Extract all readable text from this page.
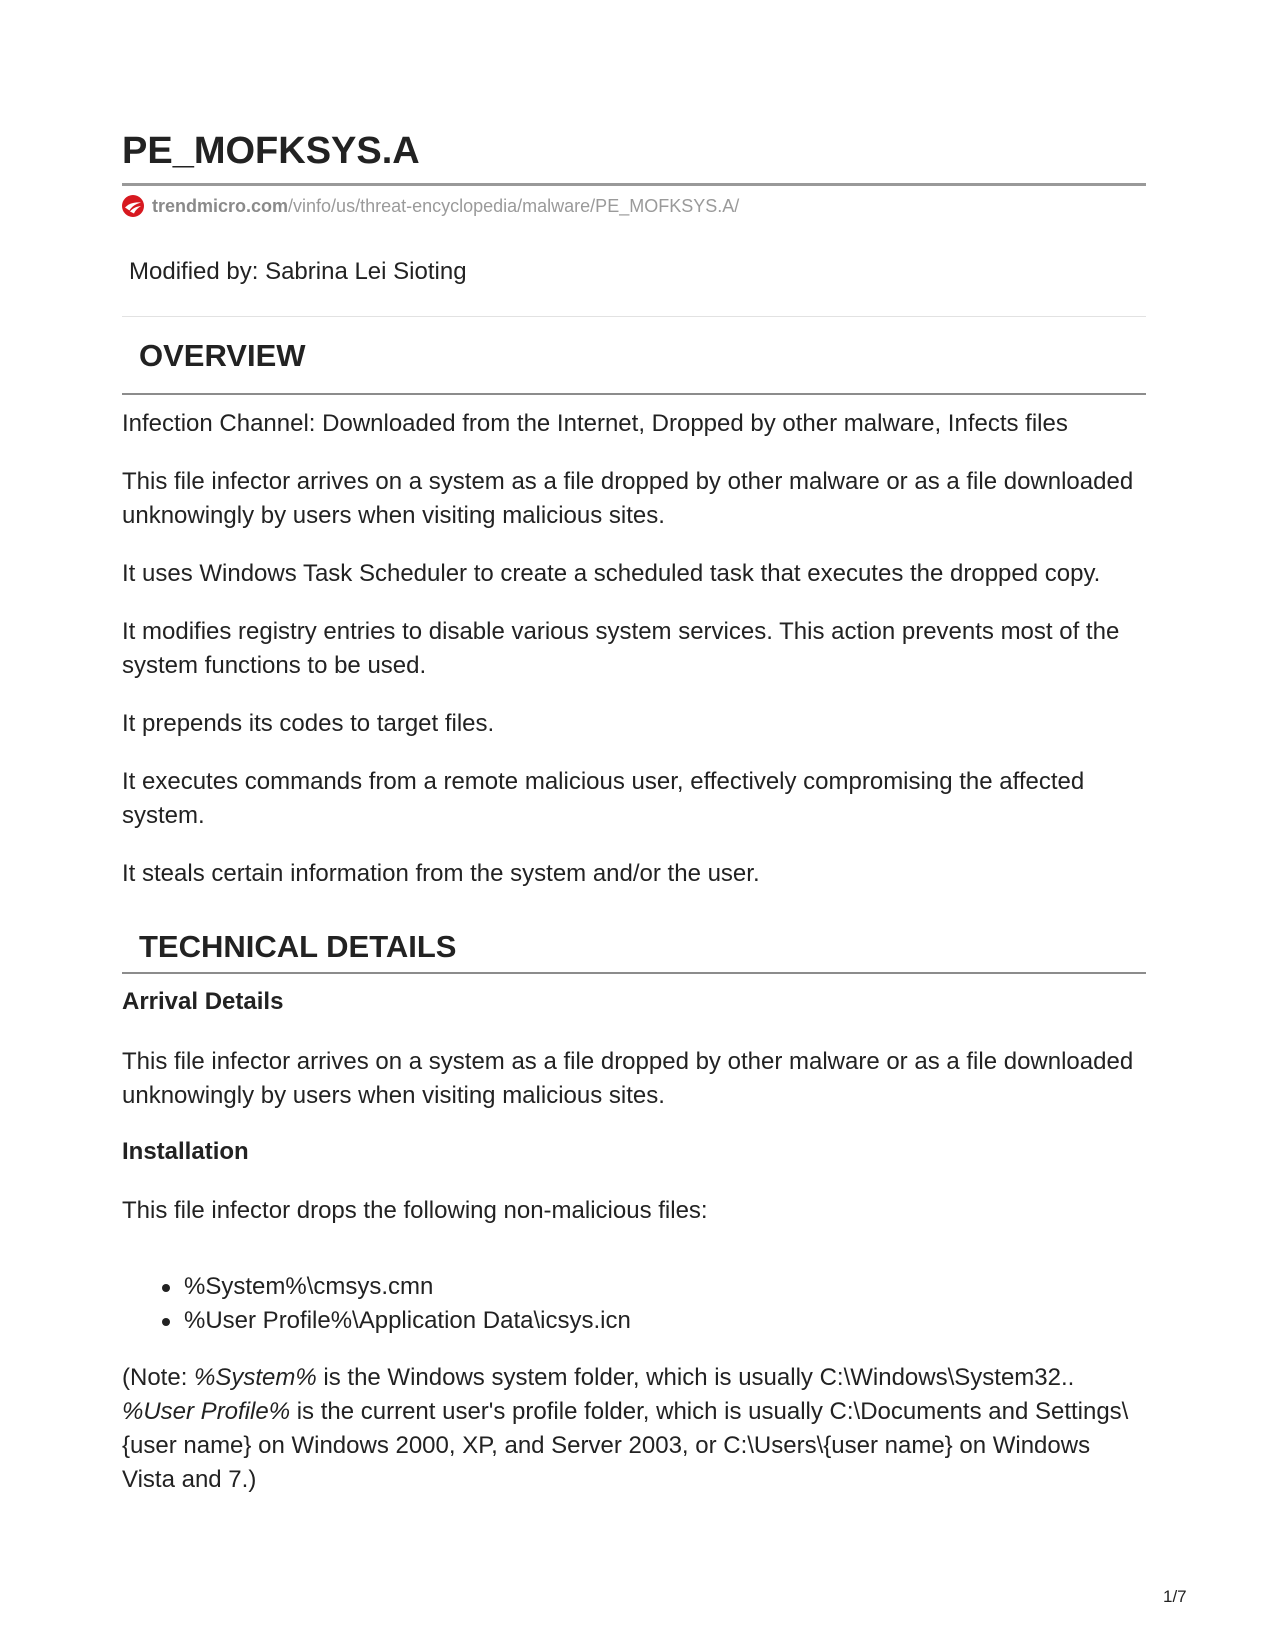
PE_MOFKSYS.A
trendmicro.com /vinfo/us/threat-encyclopedia/malware/PE_MOFKSYS.A/
Modified by: Sabrina Lei Sioting
OVERVIEW

Infection Channel: Downloaded from the Internet, Dropped by other malware, Infects files

This file infector arrives on a system as a file dropped by other malware or as a file downloaded unknowingly by users when visiting malicious sites.

It uses Windows Task Scheduler to create a scheduled task that executes the dropped copy.

It modifies registry entries to disable various system services. This action prevents most of the system functions to be used.

It prepends its codes to target files.

It executes commands from a remote malicious user, effectively compromising the affected system.

It steals certain information from the system and/or the user.

TECHNICAL DETAILS
Arrival Details

This file infector arrives on a system as a file dropped by other malware or as a file downloaded unknowingly by users when visiting malicious sites.

Installation

This file infector drops the following non-malicious files:

%System%\cmsys.cmn
%User Profile%\Application Data\icsys.icn

(Note: %System% is the Windows system folder, which is usually C:\Windows\System32.. %User Profile% is the current user's profile folder, which is usually C:\Documents and Settings\{user name} on Windows 2000, XP, and Server 2003, or C:\Users\{user name} on Windows Vista and 7.)

1/7
